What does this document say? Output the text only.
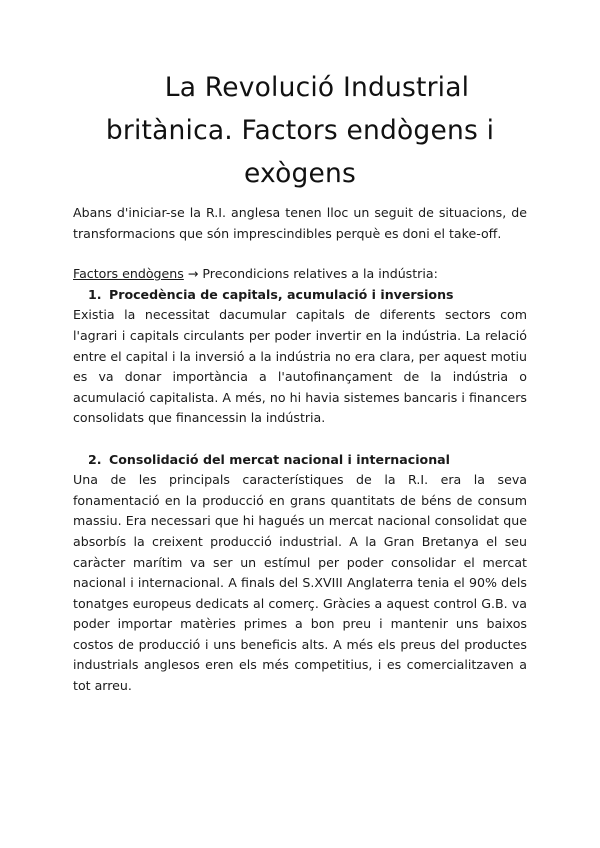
La Revolució Industrial
britànica. Factors endògens i
exògens

Abans d'iniciar-se la R.I. anglesa tenen lloc un seguit de situacions, de transformacions que són imprescindibles perquè es doni el take-off.

Factors endògens → Precondicions relatives a la indústria:

1. Procedència de capitals, acumulació i inversions

Existia la necessitat dacumular capitals de diferents sectors com l'agrari i capitals circulants per poder invertir en la indústria. La relació entre el capital i la inversió a la indústria no era clara, per aquest motiu es va donar importància a l'autofinançament de la indústria o acumulació capitalista. A més, no hi havia sistemes bancaris i financers consolidats que financessin la indústria.

2. Consolidació del mercat nacional i internacional

Una de les principals característiques de la R.I. era la seva fonamentació en la producció en grans quantitats de béns de consum massiu. Era necessari que hi hagués un mercat nacional consolidat que absorbís la creixent producció industrial. A la Gran Bretanya el seu caràcter marítim va ser un estímul per poder consolidar el mercat nacional i internacional. A finals del S.XVIII Anglaterra tenia el 90% dels tonatges europeus dedicats al comerç. Gràcies a aquest control G.B. va poder importar matèries primes a bon preu i mantenir uns baixos costos de producció i uns beneficis alts. A més els preus del productes industrials anglesos eren els més competitius, i es comercialitzaven a tot arreu.
